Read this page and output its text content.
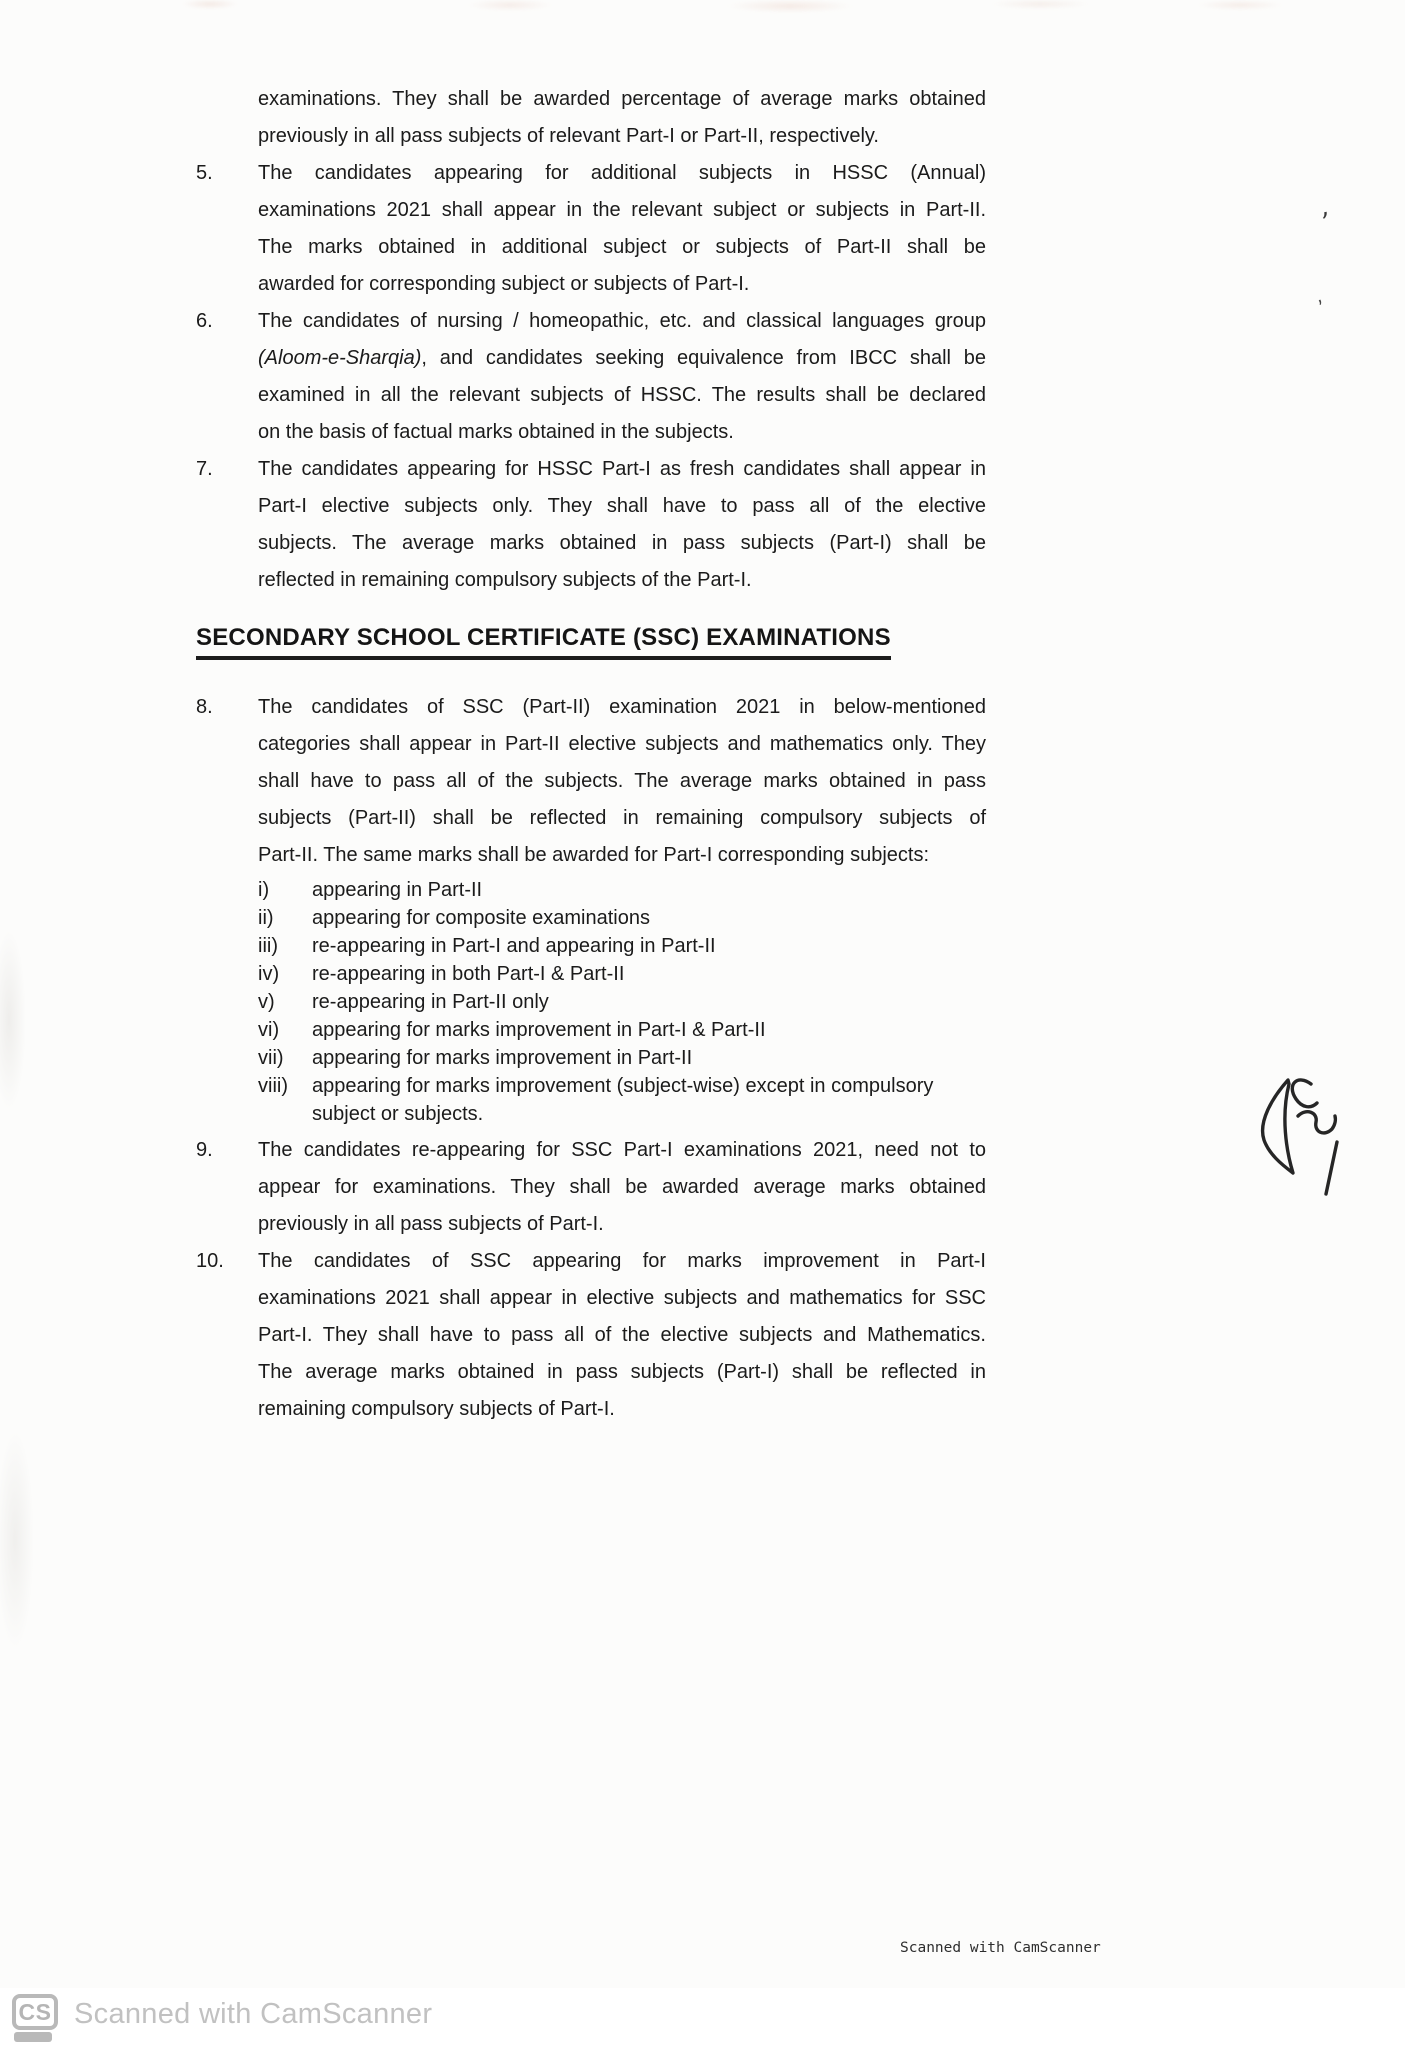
examinations. They shall be awarded percentage of average marks obtained
previously in all pass subjects of relevant Part-I or Part-II, respectively.
5.	The candidates appearing for additional subjects in HSSC (Annual)
examinations 2021 shall appear in the relevant subject or subjects in Part-II.
The marks obtained in additional subject or subjects of Part-II shall be
awarded for corresponding subject or subjects of Part-I.
6.	The candidates of nursing / homeopathic, etc. and classical languages group
(Aloom-e-Sharqia), and candidates seeking equivalence from IBCC shall be
examined in all the relevant subjects of HSSC. The results shall be declared
on the basis of factual marks obtained in the subjects.
7.	The candidates appearing for HSSC Part-I as fresh candidates shall appear in
Part-I elective subjects only. They shall have to pass all of the elective
subjects. The average marks obtained in pass subjects (Part-I) shall be
reflected in remaining compulsory subjects of the Part-I.
SECONDARY SCHOOL CERTIFICATE (SSC) EXAMINATIONS
8.	The candidates of SSC (Part-II) examination 2021 in below-mentioned
categories shall appear in Part-II elective subjects and mathematics only. They
shall have to pass all of the subjects. The average marks obtained in pass
subjects (Part-II) shall be reflected in remaining compulsory subjects of
Part-II. The same marks shall be awarded for Part-I corresponding subjects:
i)	appearing in Part-II
ii)	appearing for composite examinations
iii)	re-appearing in Part-I and appearing in Part-II
iv)	re-appearing in both Part-I & Part-II
v)	re-appearing in Part-II only
vi)	appearing for marks improvement in Part-I & Part-II
vii)	appearing for marks improvement in Part-II
viii)	appearing for marks improvement (subject-wise) except in compulsory
subject or subjects.
9.	The candidates re-appearing for SSC Part-I examinations 2021, need not to
appear for examinations. They shall be awarded average marks obtained
previously in all pass subjects of Part-I.
10.	The candidates of SSC appearing for marks improvement in Part-I
examinations 2021 shall appear in elective subjects and mathematics for SSC
Part-I. They shall have to pass all of the elective subjects and Mathematics.
The average marks obtained in pass subjects (Part-I) shall be reflected in
remaining compulsory subjects of Part-I.
,
,
Scanned with CamScanner
CS Scanned with CamScanner
